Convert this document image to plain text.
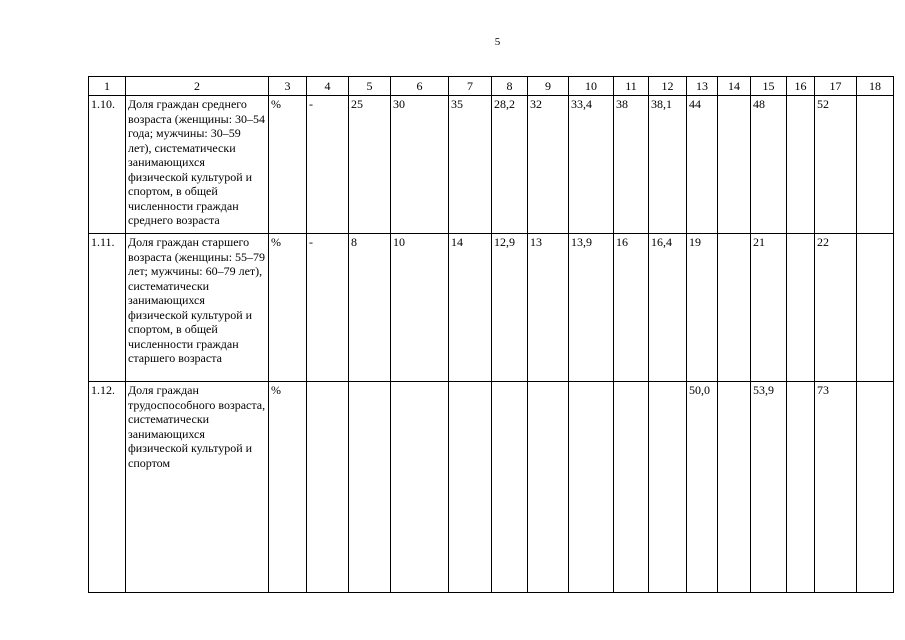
5
1	2	3	4	5	6	7	8	9	10	11	12	13	14	15	16	17	18
1.10.	Доля граждан среднего возраста (женщины: 30–54 года; мужчины: 30–59 лет), систематически занимающихся физической культурой и спортом, в общей численности граждан среднего возраста	%	-	25	30	35	28,2	32	33,4	38	38,1	44		48		52	
1.11.	Доля граждан старшего возраста (женщины: 55–79 лет; мужчины: 60–79 лет), систематически занимающихся физической культурой и спортом, в общей численности граждан старшего возраста	%	-	8	10	14	12,9	13	13,9	16	16,4	19		21		22	
1.12.	Доля граждан трудоспособного возраста, систематически занимающихся физической культурой и спортом	%										50,0		53,9		73	
